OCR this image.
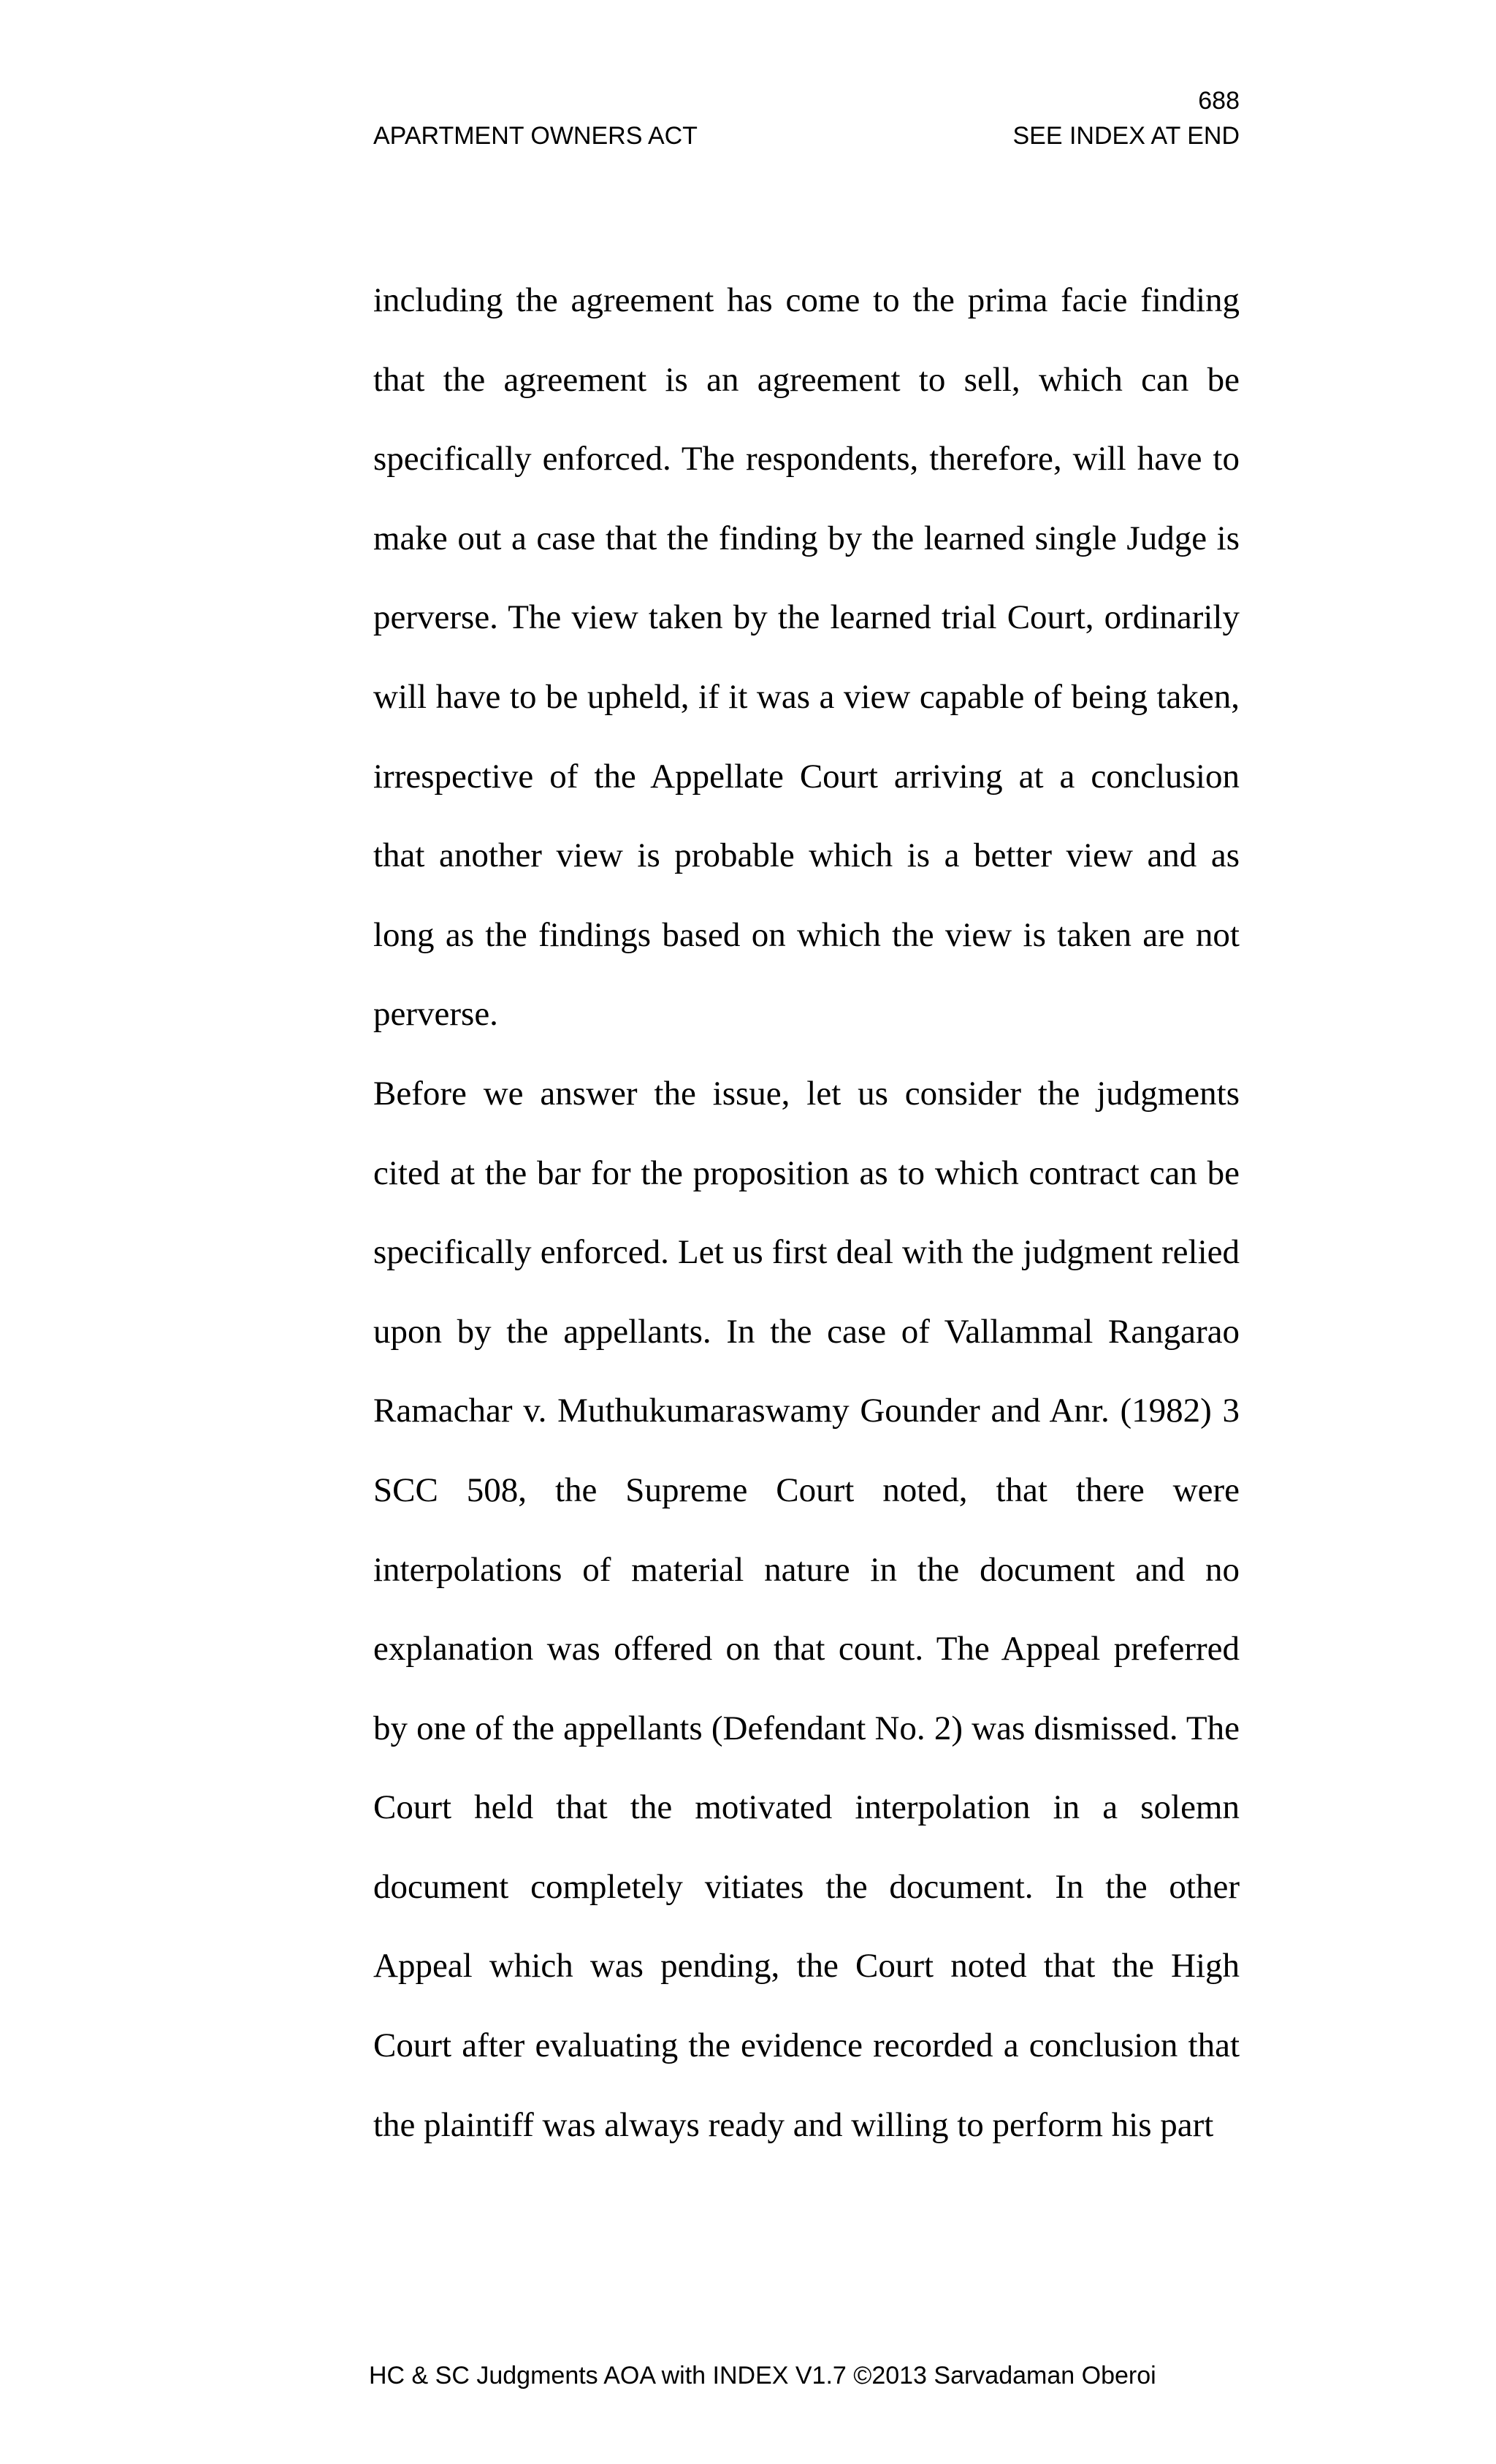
688
APARTMENT OWNERS ACT	SEE INDEX AT END

including the agreement has come to the prima facie finding that the agreement is an agreement to sell, which can be specifically enforced. The respondents, therefore, will have to make out a case that the finding by the learned single Judge is perverse. The view taken by the learned trial Court, ordinarily will have to be upheld, if it was a view capable of being taken, irrespective of the Appellate Court arriving at a conclusion that another view is probable which is a better view and as long as the findings based on which the view is taken are not perverse.

Before we answer the issue, let us consider the judgments cited at the bar for the proposition as to which contract can be specifically enforced. Let us first deal with the judgment relied upon by the appellants. In the case of Vallammal Rangarao Ramachar v. Muthukumaraswamy Gounder and Anr. (1982) 3 SCC 508, the Supreme Court noted, that there were interpolations of material nature in the document and no explanation was offered on that count. The Appeal preferred by one of the appellants (Defendant No. 2) was dismissed. The Court held that the motivated interpolation in a solemn document completely vitiates the document. In the other Appeal which was pending, the Court noted that the High Court after evaluating the evidence recorded a conclusion that the plaintiff was always ready and willing to perform his part

HC & SC Judgments AOA with INDEX V1.7 ©2013 Sarvadaman Oberoi
